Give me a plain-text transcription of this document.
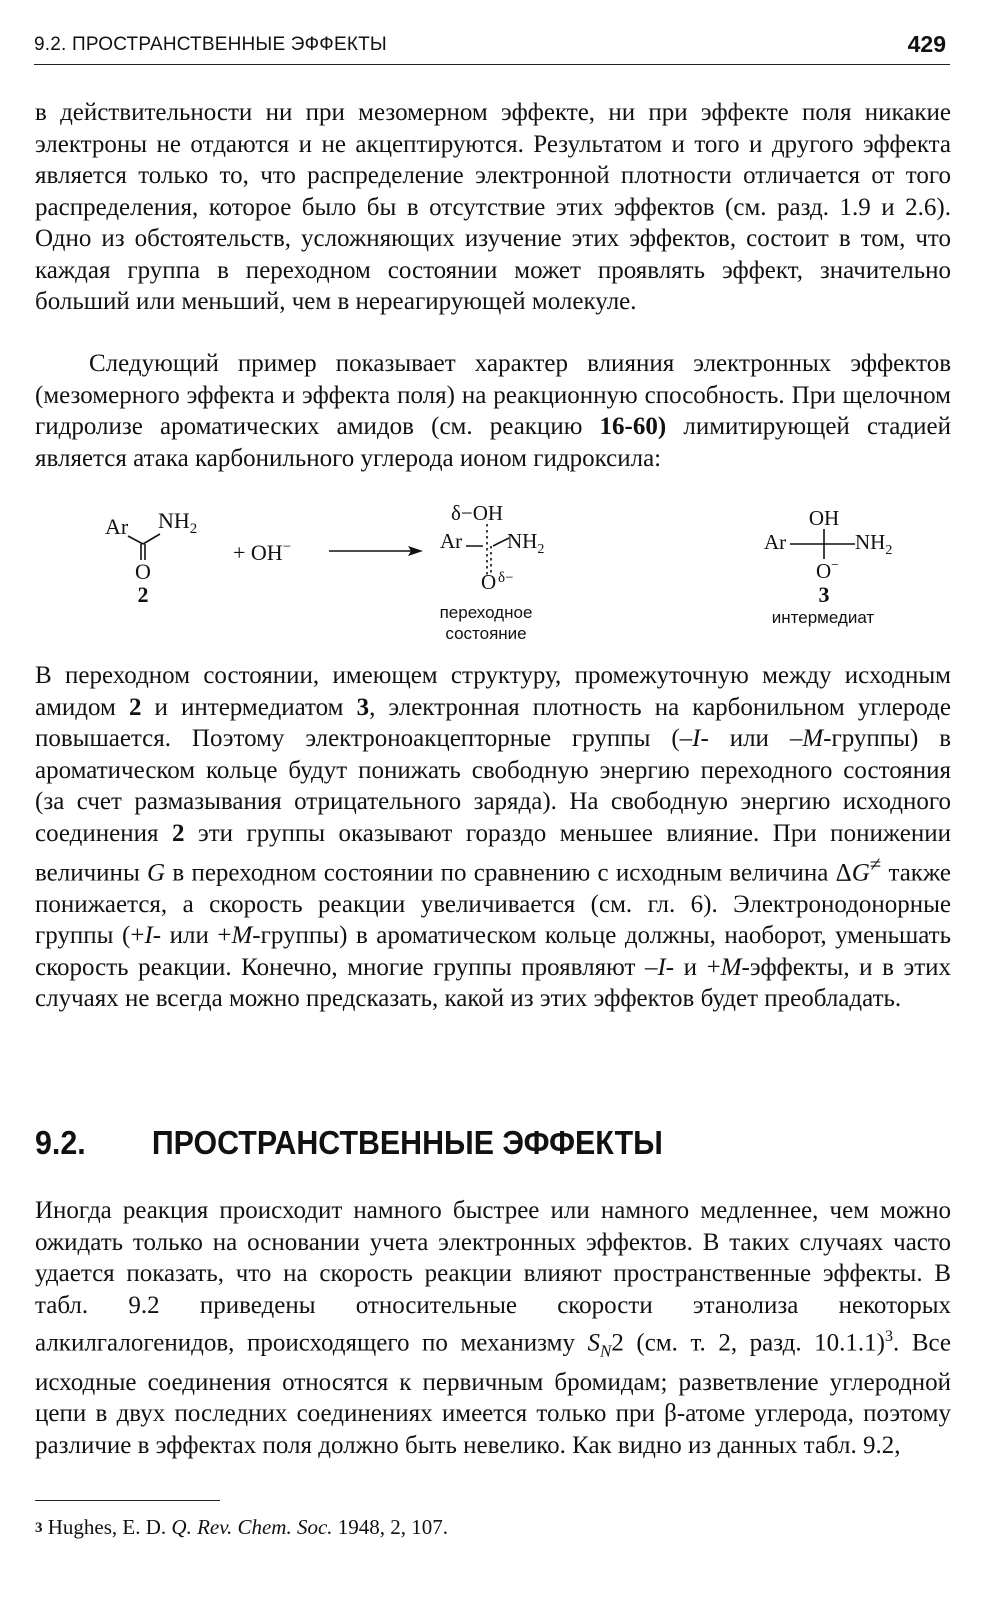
9.2. ПРОСТРАНСТВЕННЫЕ ЭФФЕКТЫ	429

в действительности ни при мезомерном эффекте, ни при эффекте поля никакие электроны не отдаются и не акцептируются. Результатом и того и другого эффекта является только то, что распределение электронной плотности отличается от того распределения, которое было бы в отсутствие этих эффектов (см. разд. 1.9 и 2.6). Одно из обстоятельств, усложняющих изучение этих эффектов, состоит в том, что каждая группа в переходном состоянии может проявлять эффект, значительно больший или меньший, чем в нереагирующей молекуле.

Следующий пример показывает характер влияния электронных эффектов (мезомерного эффекта и эффекта поля) на реакционную способность. При щелочном гидролизе ароматических амидов (см. реакцию 16-60) лимитирующей стадией является атака карбонильного углерода ионом гидроксила:

Ar $NH_2$
O
2
+ OH−
δ−OH
Ar $NH_2$
O δ−
переходное
состояние
OH
Ar	$NH_2$
O−
3
интермедиат

В переходном состоянии, имеющем структуру, промежуточную между исходным амидом 2 и интермедиатом 3, электронная плотность на карбонильном углероде повышается. Поэтому электроноакцепторные группы (–I- или –M-группы) в ароматическом кольце будут понижать свободную энергию переходного состояния (за счет размазывания отрицательного заряда). На свободную энергию исходного соединения 2 эти группы оказывают гораздо меньшее влияние. При понижении величины G в переходном состоянии по сравнению с исходным величина ΔG≠ также понижается, а скорость реакции увеличивается (см. гл. 6). Электронодонорные группы (+I- или +M-группы) в ароматическом кольце должны, наоборот, уменьшать скорость реакции. Конечно, многие группы проявляют –I- и +M-эффекты, и в этих случаях не всегда можно предсказать, какой из этих эффектов будет преобладать.

9.2. ПРОСТРАНСТВЕННЫЕ ЭФФЕКТЫ

Иногда реакция происходит намного быстрее или намного медленнее, чем можно ожидать только на основании учета электронных эффектов. В таких случаях часто удается показать, что на скорость реакции влияют пространственные эффекты. В табл. 9.2 приведены относительные скорости этанолиза некоторых алкилгалогенидов, происходящего по механизму $S_N2$ (см. т. 2, разд. 10.1.1)$^3$. Все исходные соединения относятся к первичным бромидам; разветвление углеродной цепи в двух последних соединениях имеется только при β-атоме углерода, поэтому различие в эффектах поля должно быть невелико. Как видно из данных табл. 9.2,

3 Hughes, E. D. Q. Rev. Chem. Soc. 1948, 2, 107.
